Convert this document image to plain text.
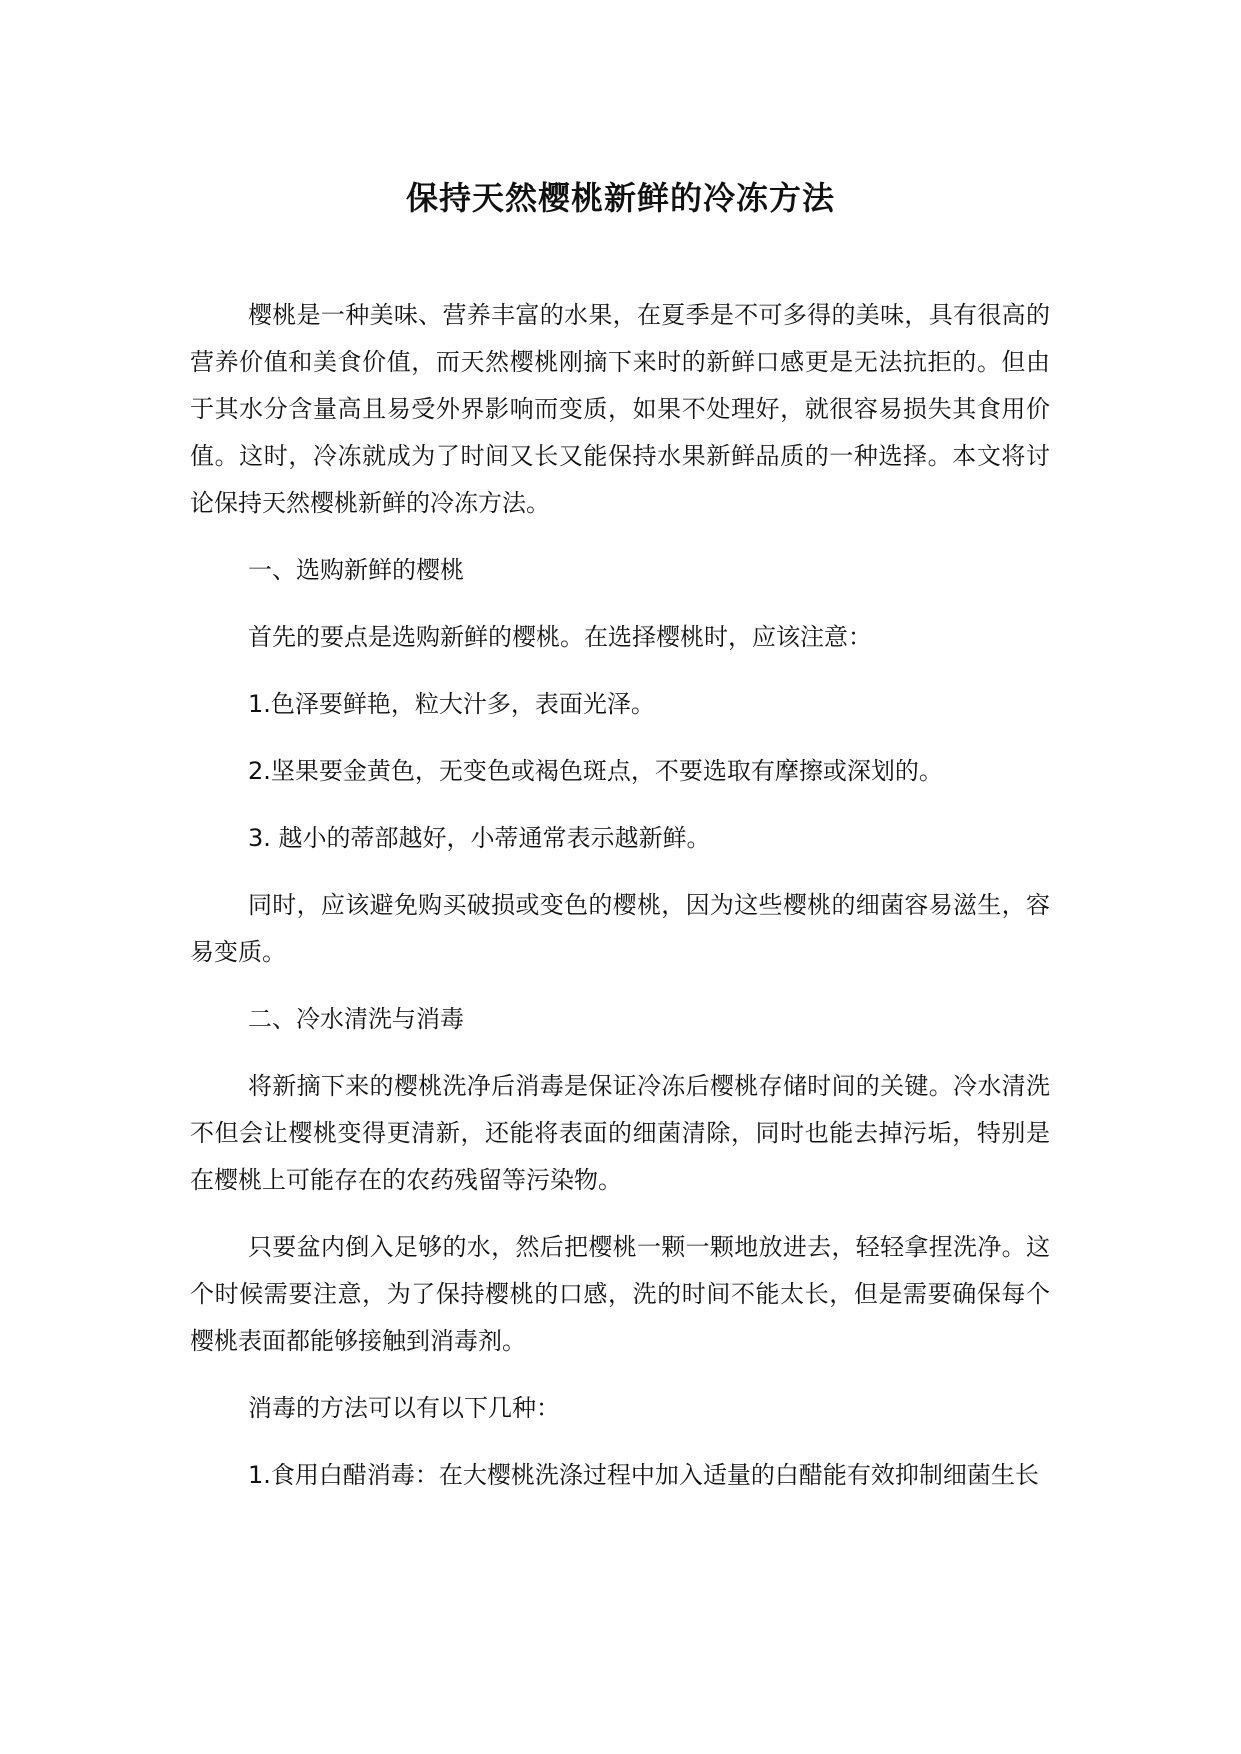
保持天然樱桃新鲜的冷冻方法

樱桃是一种美味、营养丰富的水果，在夏季是不可多得的美味，具有很高的营养价值和美食价值，而天然樱桃刚摘下来时的新鲜口感更是无法抗拒的。但由于其水分含量高且易受外界影响而变质，如果不处理好，就很容易损失其食用价值。这时，冷冻就成为了时间又长又能保持水果新鲜品质的一种选择。本文将讨论保持天然樱桃新鲜的冷冻方法。

一、选购新鲜的樱桃

首先的要点是选购新鲜的樱桃。在选择樱桃时，应该注意：

1.色泽要鲜艳，粒大汁多，表面光泽。

2.坚果要金黄色，无变色或褐色斑点，不要选取有摩擦或深划的。

3. 越小的蒂部越好，小蒂通常表示越新鲜。

同时，应该避免购买破损或变色的樱桃，因为这些樱桃的细菌容易滋生，容易变质。

二、冷水清洗与消毒

将新摘下来的樱桃洗净后消毒是保证冷冻后樱桃存储时间的关键。冷水清洗不但会让樱桃变得更清新，还能将表面的细菌清除，同时也能去掉污垢，特别是在樱桃上可能存在的农药残留等污染物。

只要盆内倒入足够的水，然后把樱桃一颗一颗地放进去，轻轻拿捏洗净。这个时候需要注意，为了保持樱桃的口感，洗的时间不能太长，但是需要确保每个樱桃表面都能够接触到消毒剂。

消毒的方法可以有以下几种：

1.食用白醋消毒：在大樱桃洗涤过程中加入适量的白醋能有效抑制细菌生长
